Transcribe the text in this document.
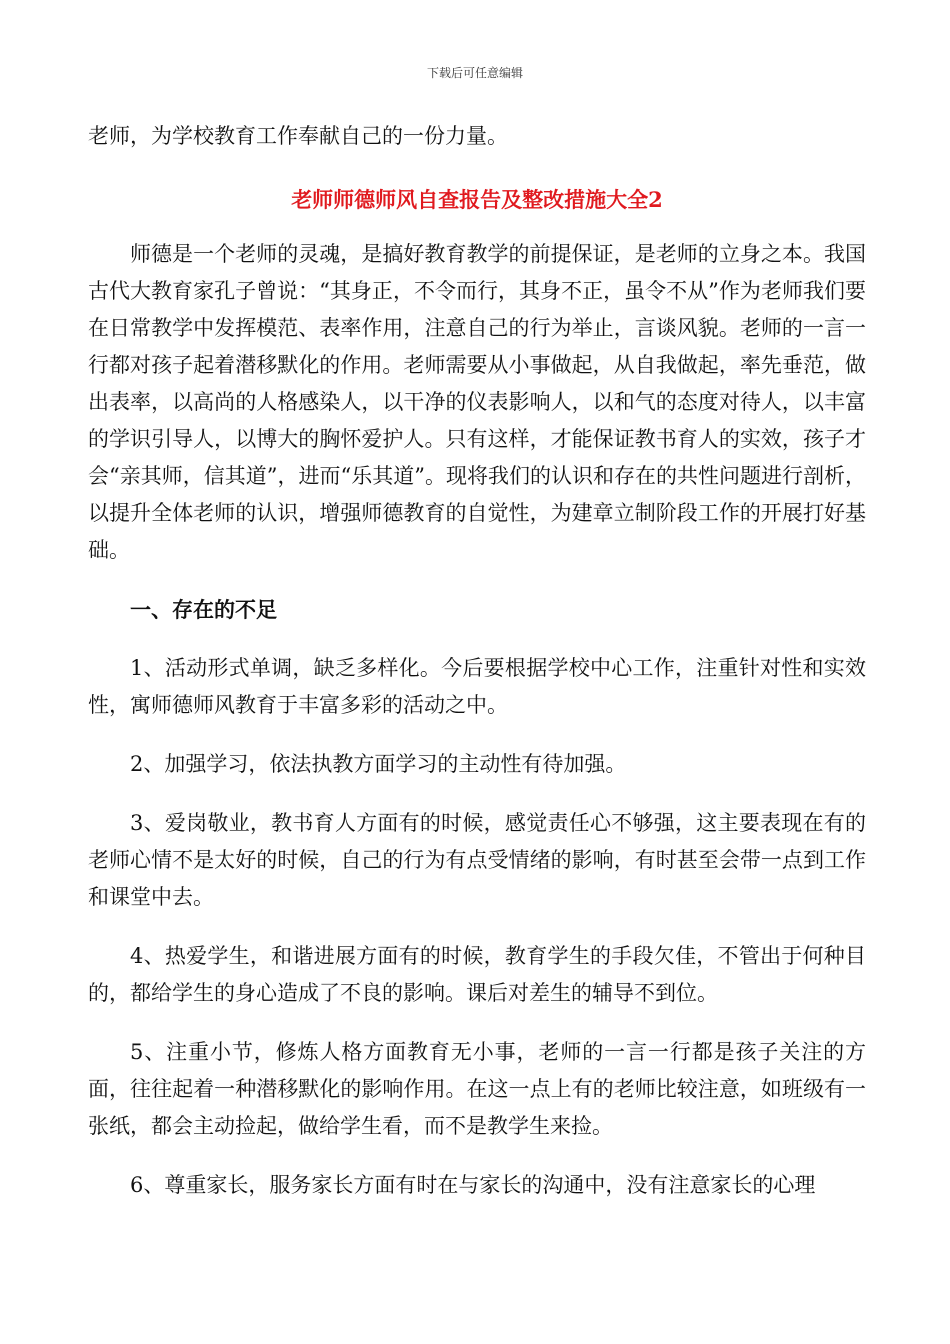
下载后可任意编辑

老师，为学校教育工作奉献自己的一份力量。

老师师德师风自查报告及整改措施大全2

师德是一个老师的灵魂，是搞好教育教学的前提保证，是老师的立身之本。我国古代大教育家孔子曾说：“其身正，不令而行，其身不正，虽令不从”作为老师我们要在日常教学中发挥模范、表率作用，注意自己的行为举止，言谈风貌。老师的一言一行都对孩子起着潜移默化的作用。老师需要从小事做起，从自我做起，率先垂范，做出表率，以高尚的人格感染人，以干净的仪表影响人，以和气的态度对待人，以丰富的学识引导人，以博大的胸怀爱护人。只有这样，才能保证教书育人的实效，孩子才会“亲其师，信其道”，进而“乐其道”。现将我们的认识和存在的共性问题进行剖析，以提升全体老师的认识，增强师德教育的自觉性，为建章立制阶段工作的开展打好基础。

一、存在的不足

1、活动形式单调，缺乏多样化。今后要根据学校中心工作，注重针对性和实效性，寓师德师风教育于丰富多彩的活动之中。

2、加强学习，依法执教方面学习的主动性有待加强。

3、爱岗敬业，教书育人方面有的时候，感觉责任心不够强，这主要表现在有的老师心情不是太好的时候，自己的行为有点受情绪的影响，有时甚至会带一点到工作和课堂中去。

4、热爱学生，和谐进展方面有的时候，教育学生的手段欠佳，不管出于何种目的，都给学生的身心造成了不良的影响。课后对差生的辅导不到位。

5、注重小节，修炼人格方面教育无小事，老师的一言一行都是孩子关注的方面，往往起着一种潜移默化的影响作用。在这一点上有的老师比较注意，如班级有一张纸，都会主动捡起，做给学生看，而不是教学生来捡。

6、尊重家长，服务家长方面有时在与家长的沟通中，没有注意家长的心理
